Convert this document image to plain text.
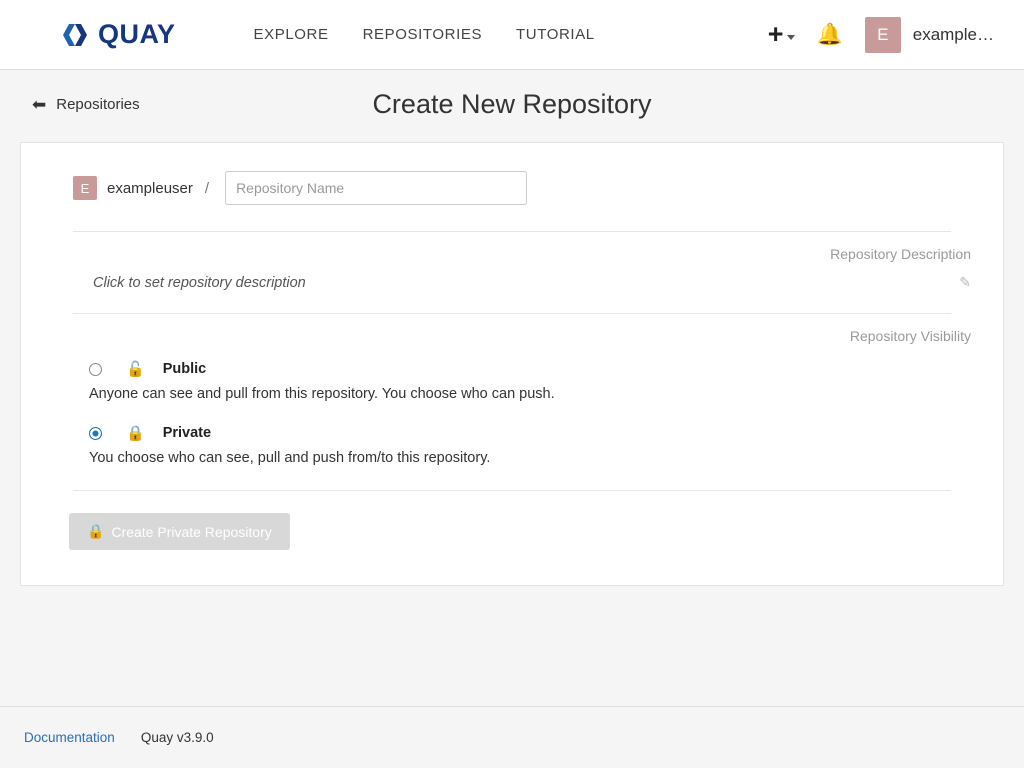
QUAY	EXPLORE REPOSITORIES TUTORIAL	+ 🔔	E	example…
⬅ Repositories	Create New Repository
E	exampleuser /
Repository Name
Repository Description
Click to set repository description	✎
Repository Visibility
🔓 Public
Anyone can see and pull from this repository. You choose who can push.
🔒 Private
You choose who can see, pull and push from/to this repository.
🔒 Create Private Repository
Documentation Quay v3.9.0
